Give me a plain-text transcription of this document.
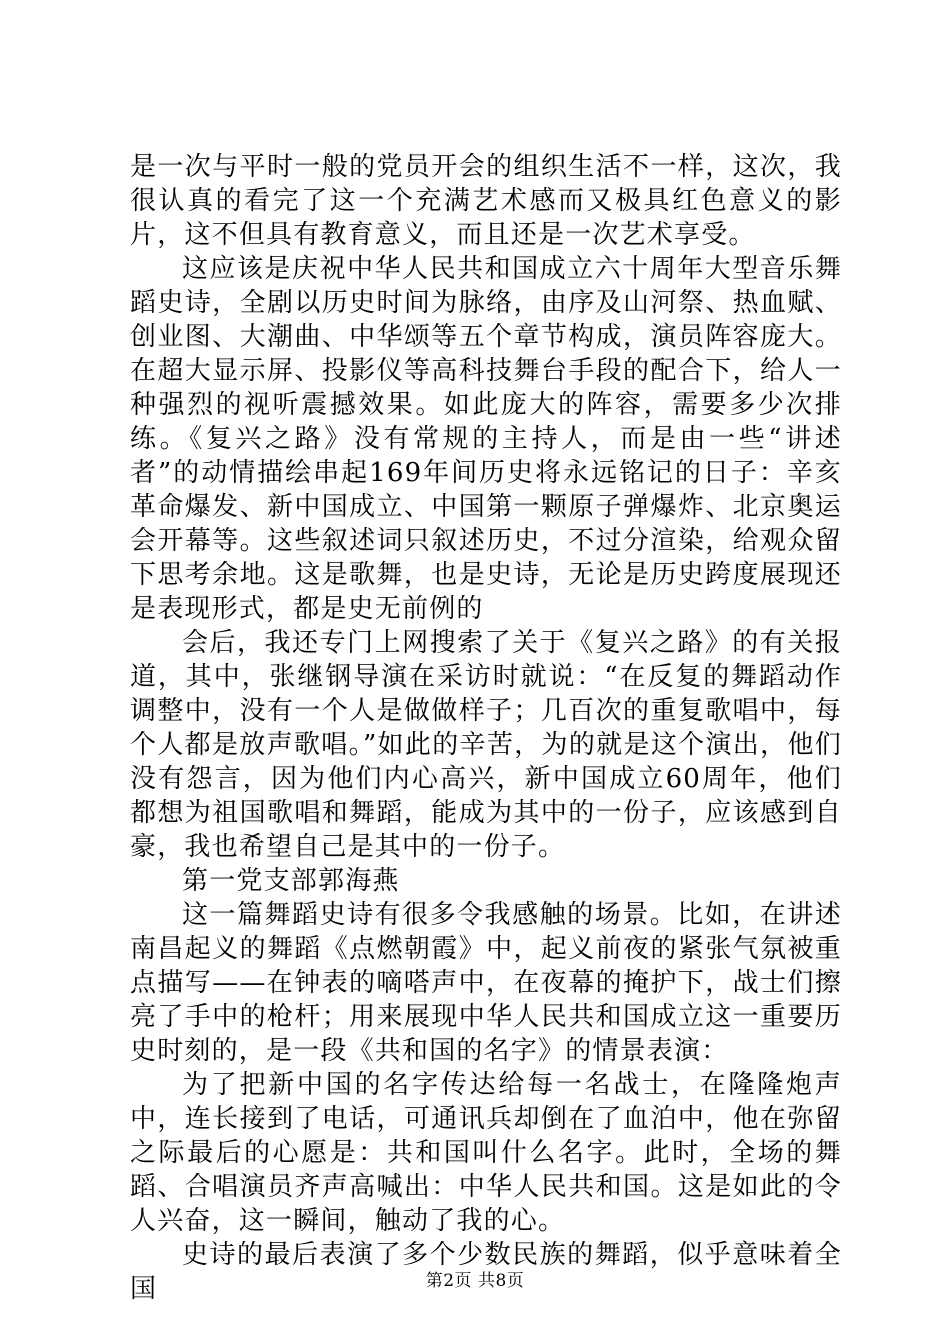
是一次与平时一般的党员开会的组织生活不一样，这次，我很认真的看完了这一个充满艺术感而又极具红色意义的影片，这不但具有教育意义，而且还是一次艺术享受。

这应该是庆祝中华人民共和国成立六十周年大型音乐舞蹈史诗，全剧以历史时间为脉络，由序及山河祭、热血赋、创业图、大潮曲、中华颂等五个章节构成，演员阵容庞大。在超大显示屏、投影仪等高科技舞台手段的配合下，给人一种强烈的视听震撼效果。如此庞大的阵容，需要多少次排练。《复兴之路》没有常规的主持人，而是由一些“讲述者”的动情描绘串起169年间历史将永远铭记的日子：辛亥革命爆发、新中国成立、中国第一颗原子弹爆炸、北京奥运会开幕等。这些叙述词只叙述历史，不过分渲染，给观众留下思考余地。这是歌舞，也是史诗，无论是历史跨度展现还是表现形式，都是史无前例的

会后，我还专门上网搜索了关于《复兴之路》的有关报道，其中，张继钢导演在采访时就说：“在反复的舞蹈动作调整中，没有一个人是做做样子；几百次的重复歌唱中，每个人都是放声歌唱。”如此的辛苦，为的就是这个演出，他们没有怨言，因为他们内心高兴，新中国成立60周年，他们都想为祖国歌唱和舞蹈，能成为其中的一份子，应该感到自豪，我也希望自己是其中的一份子。

第一党支部郭海燕

这一篇舞蹈史诗有很多令我感触的场景。比如，在讲述南昌起义的舞蹈《点燃朝霞》中，起义前夜的紧张气氛被重点描写——在钟表的嘀嗒声中，在夜幕的掩护下，战士们擦亮了手中的枪杆；用来展现中华人民共和国成立这一重要历史时刻的，是一段《共和国的名字》的情景表演：

为了把新中国的名字传达给每一名战士，在隆隆炮声中，连长接到了电话，可通讯兵却倒在了血泊中，他在弥留之际最后的心愿是：共和国叫什么名字。此时，全场的舞蹈、合唱演员齐声高喊出：中华人民共和国。这是如此的令人兴奋，这一瞬间，触动了我的心。

史诗的最后表演了多个少数民族的舞蹈，似乎意味着全国	第2页 共8页
